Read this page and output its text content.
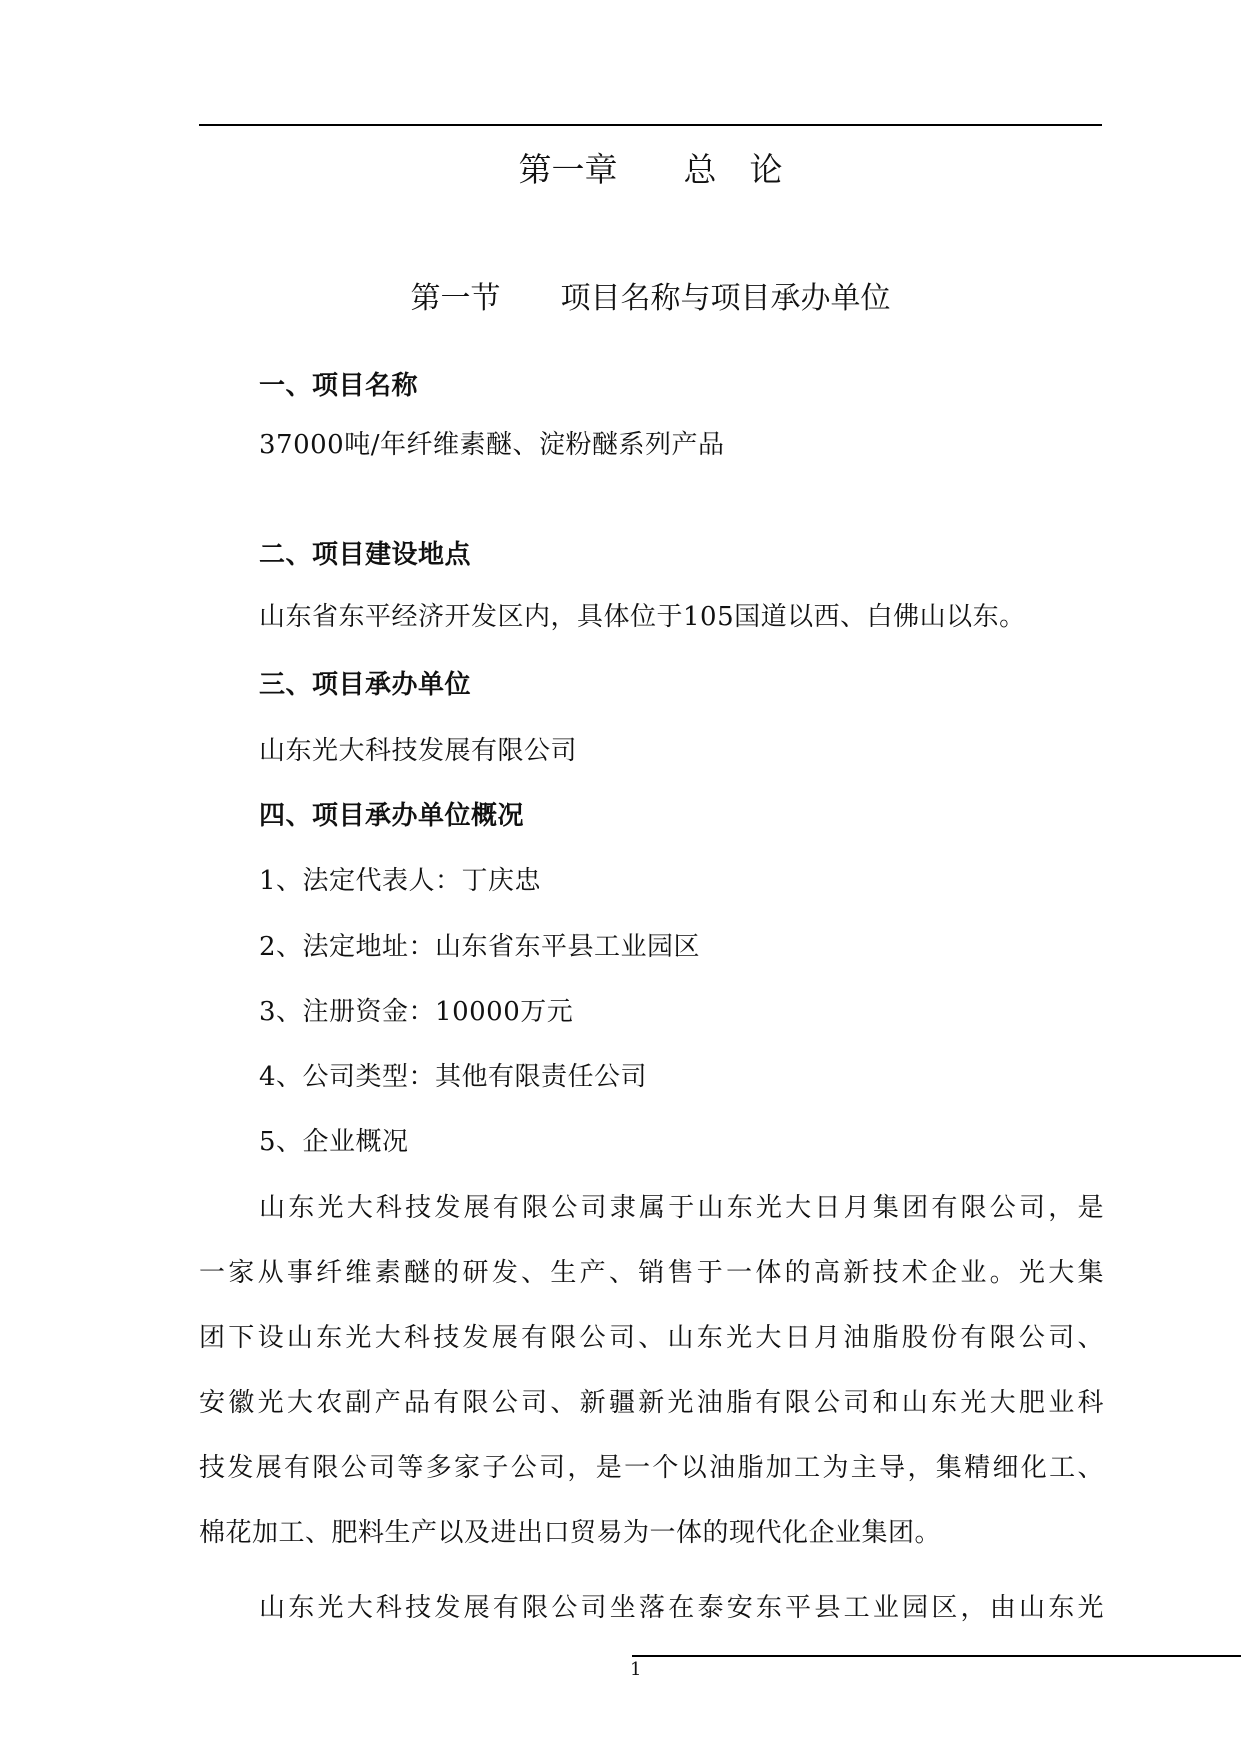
第一章　　总　论
第一节　　项目名称与项目承办单位
一、项目名称
37000吨/年纤维素醚、淀粉醚系列产品
二、项目建设地点
山东省东平经济开发区内，具体位于105国道以西、白佛山以东。
三、项目承办单位
山东光大科技发展有限公司
四、项目承办单位概况
1、法定代表人：丁庆忠
2、法定地址：山东省东平县工业园区
3、注册资金：10000万元
4、公司类型：其他有限责任公司
5、企业概况
山东光大科技发展有限公司隶属于山东光大日月集团有限公司，是
一家从事纤维素醚的研发、生产、销售于一体的高新技术企业。光大集
团下设山东光大科技发展有限公司、山东光大日月油脂股份有限公司、
安徽光大农副产品有限公司、新疆新光油脂有限公司和山东光大肥业科
技发展有限公司等多家子公司，是一个以油脂加工为主导，集精细化工、
棉花加工、肥料生产以及进出口贸易为一体的现代化企业集团。
山东光大科技发展有限公司坐落在泰安东平县工业园区，由山东光
1
